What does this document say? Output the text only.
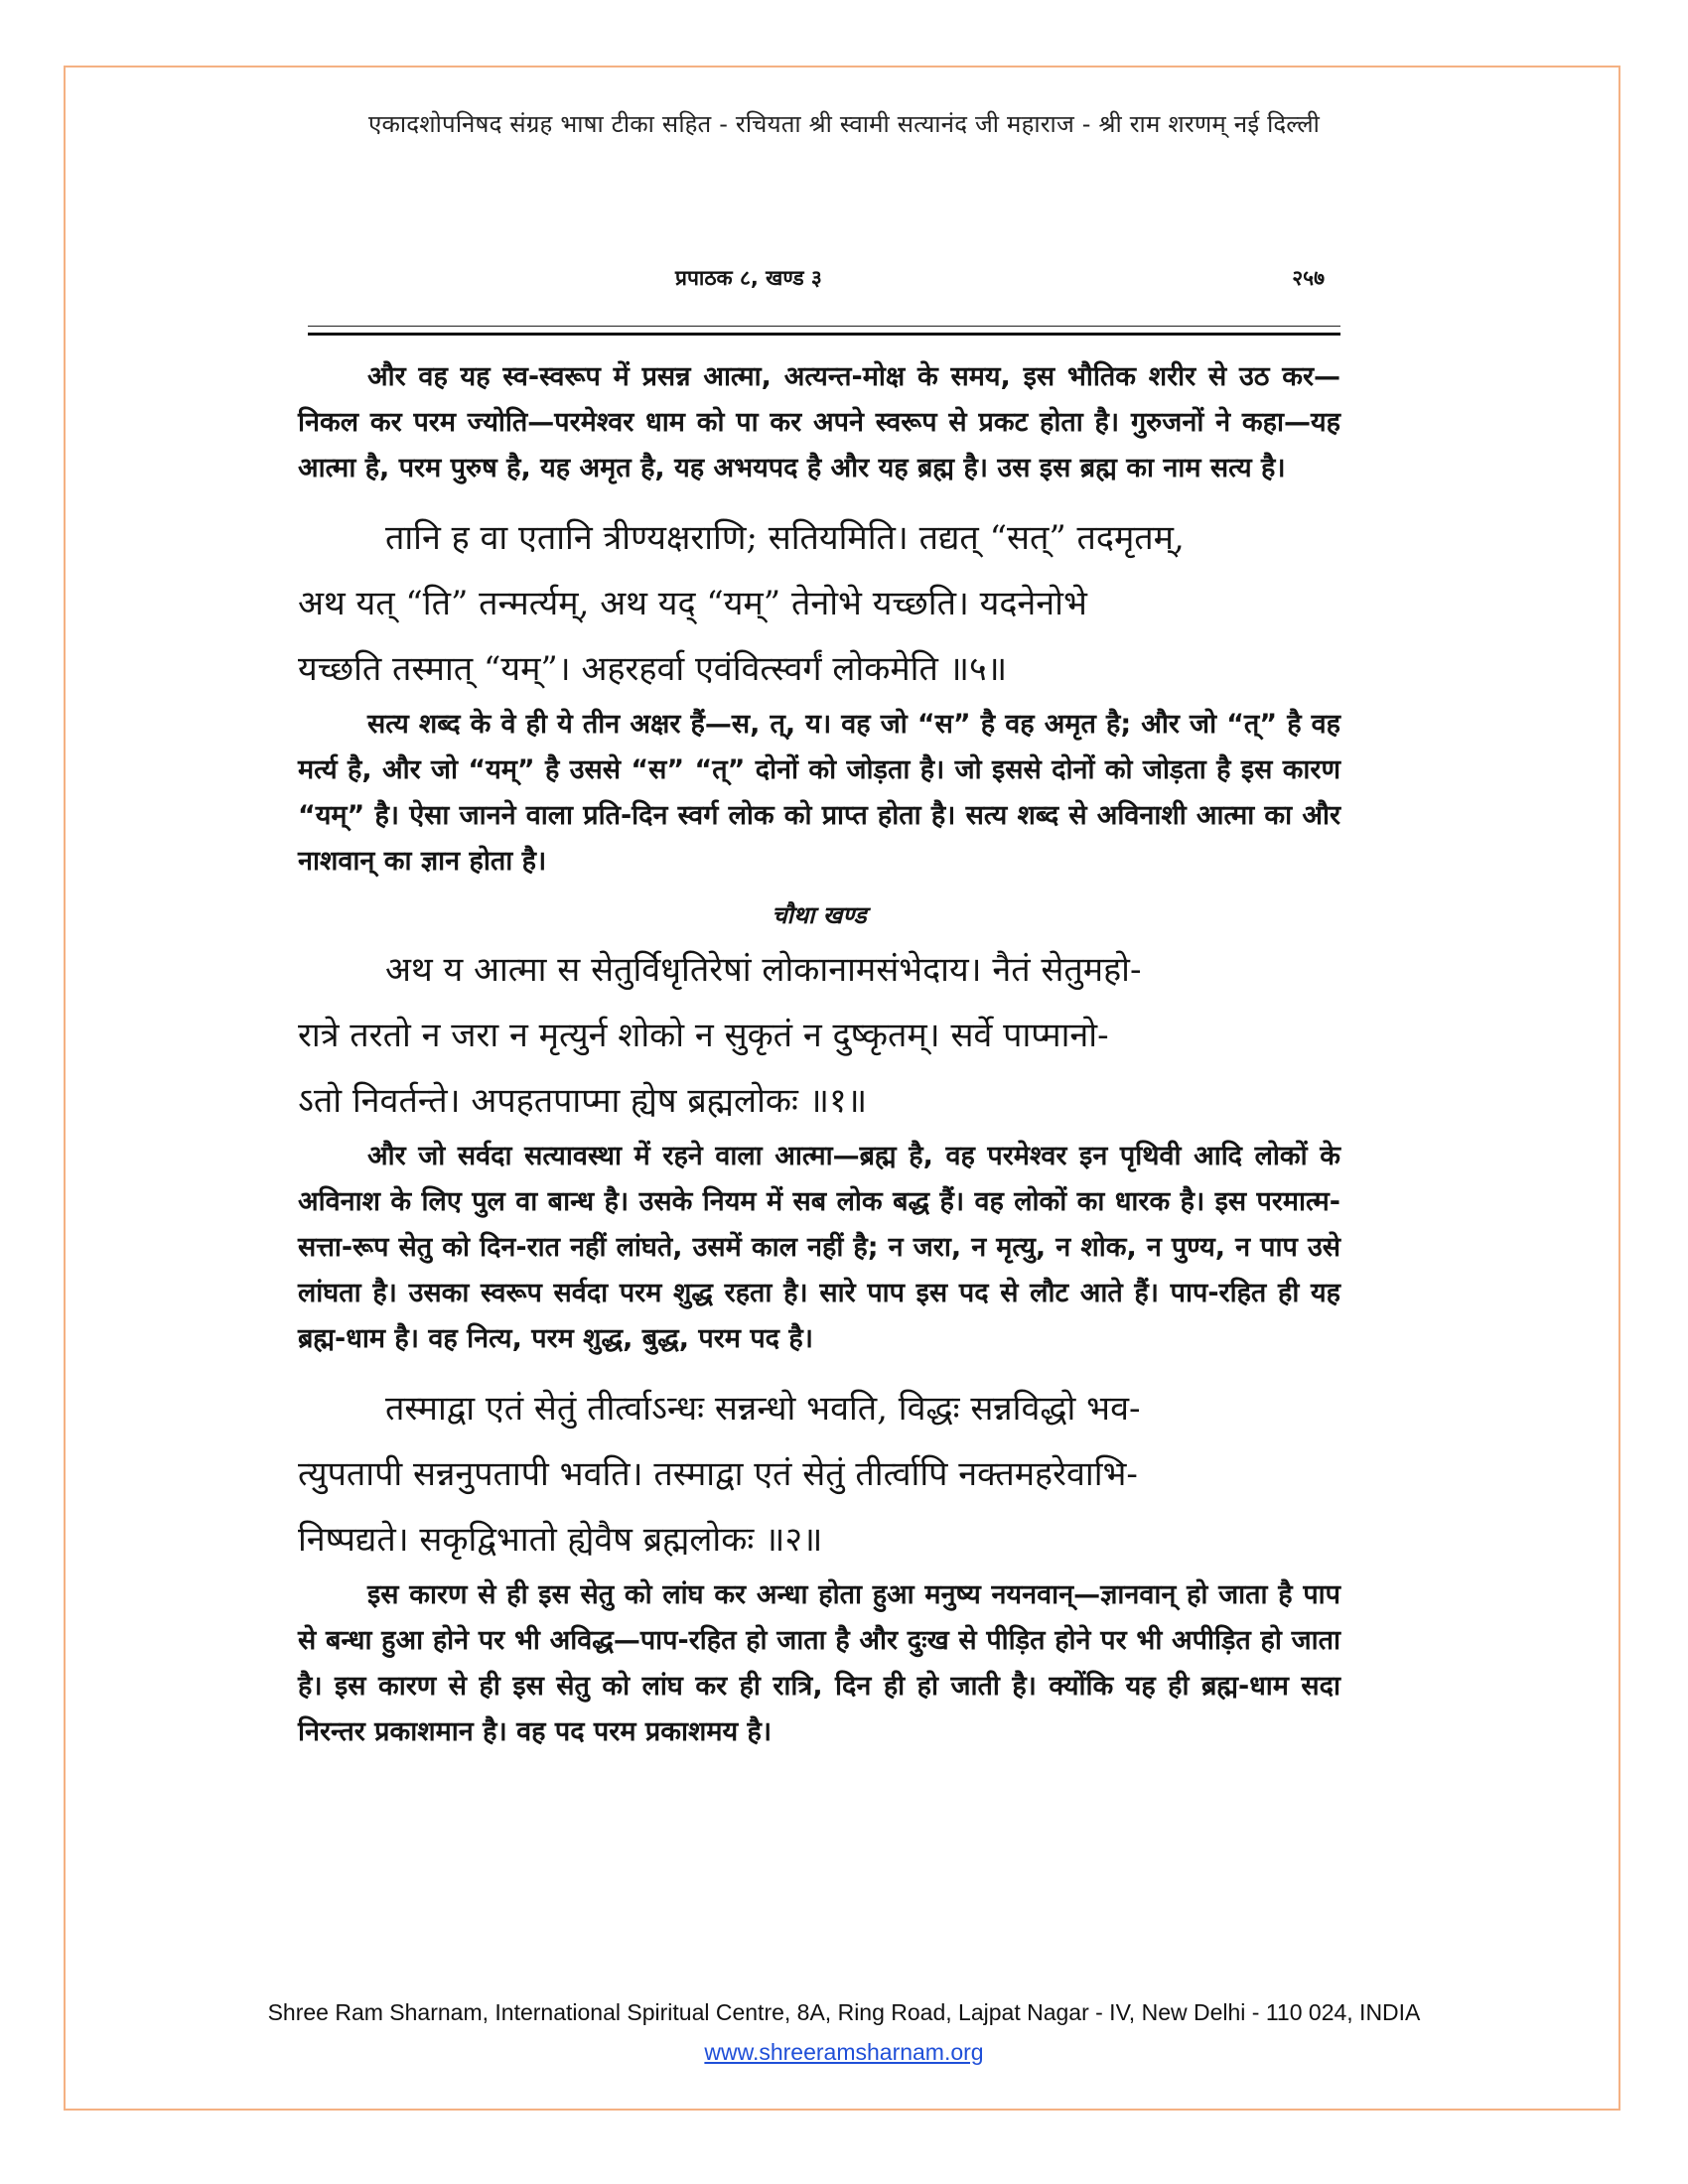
एकादशोपनिषद संग्रह भाषा टीका सहित - रचियता श्री स्वामी सत्यानंद जी महाराज - श्री राम शरणम् नई दिल्ली
प्रपाठक ८, खण्ड ३	२५७

और वह यह स्व-स्वरूप में प्रसन्न आत्मा, अत्यन्त-मोक्ष के समय, इस भौतिक शरीर से उठ कर—निकल कर परम ज्योति—परमेश्वर धाम को पा कर अपने स्वरूप से प्रकट होता है। गुरुजनों ने कहा—यह आत्मा है, परम पुरुष है, यह अमृत है, यह अभयपद है और यह ब्रह्म है। उस इस ब्रह्म का नाम सत्य है।

तानि ह वा एतानि त्रीण्यक्षराणि; सतियमिति। तद्यत् “सत्” तदमृतम्,

अथ यत् “ति” तन्मर्त्यम्, अथ यद् “यम्” तेनोभे यच्छति। यदनेनोभे

यच्छति तस्मात् “यम्”। अहरहर्वा एवंवित्स्वर्गं लोकमेति ॥५॥

सत्य शब्द के वे ही ये तीन अक्षर हैं—स, त्, य। वह जो “स” है वह अमृत है; और जो “त्” है वह मर्त्य है, और जो “यम्” है उससे “स” “त्” दोनों को जोड़ता है। जो इससे दोनों को जोड़ता है इस कारण “यम्” है। ऐसा जानने वाला प्रति-दिन स्वर्ग लोक को प्राप्त होता है। सत्य शब्द से अविनाशी आत्मा का और नाशवान् का ज्ञान होता है।

चौथा खण्ड

अथ य आत्मा स सेतुर्विधृतिरेषां लोकानामसंभेदाय। नैतं सेतुमहो-

रात्रे तरतो न जरा न मृत्युर्न शोको न सुकृतं न दुष्कृतम्। सर्वे पाप्मानो-

ऽतो निवर्तन्ते। अपहतपाप्मा ह्येष ब्रह्मलोकः ॥१॥

और जो सर्वदा सत्यावस्था में रहने वाला आत्मा—ब्रह्म है, वह परमेश्वर इन पृथिवी आदि लोकों के अविनाश के लिए पुल वा बान्ध है। उसके नियम में सब लोक बद्ध हैं। वह लोकों का धारक है। इस परमात्म-सत्ता-रूप सेतु को दिन-रात नहीं लांघते, उसमें काल नहीं है; न जरा, न मृत्यु, न शोक, न पुण्य, न पाप उसे लांघता है। उसका स्वरूप सर्वदा परम शुद्ध रहता है। सारे पाप इस पद से लौट आते हैं। पाप-रहित ही यह ब्रह्म-धाम है। वह नित्य, परम शुद्ध, बुद्ध, परम पद है।

तस्माद्वा एतं सेतुं तीर्त्वाऽन्धः सन्नन्धो भवति, विद्धः सन्नविद्धो भव-

त्युपतापी सन्ननुपतापी भवति। तस्माद्वा एतं सेतुं तीर्त्वापि नक्तमहरेवाभि-

निष्पद्यते। सकृद्विभातो ह्येवैष ब्रह्मलोकः ॥२॥

इस कारण से ही इस सेतु को लांघ कर अन्धा होता हुआ मनुष्य नयनवान्—ज्ञानवान् हो जाता है पाप से बन्धा हुआ होने पर भी अविद्ध—पाप-रहित हो जाता है और दुःख से पीड़ित होने पर भी अपीड़ित हो जाता है। इस कारण से ही इस सेतु को लांघ कर ही रात्रि, दिन ही हो जाती है। क्योंकि यह ही ब्रह्म-धाम सदा निरन्तर प्रकाशमान है। वह पद परम प्रकाशमय है।

Shree Ram Sharnam, International Spiritual Centre, 8A, Ring Road, Lajpat Nagar - IV, New Delhi - 110 024, INDIA
www.shreeramsharnam.org
